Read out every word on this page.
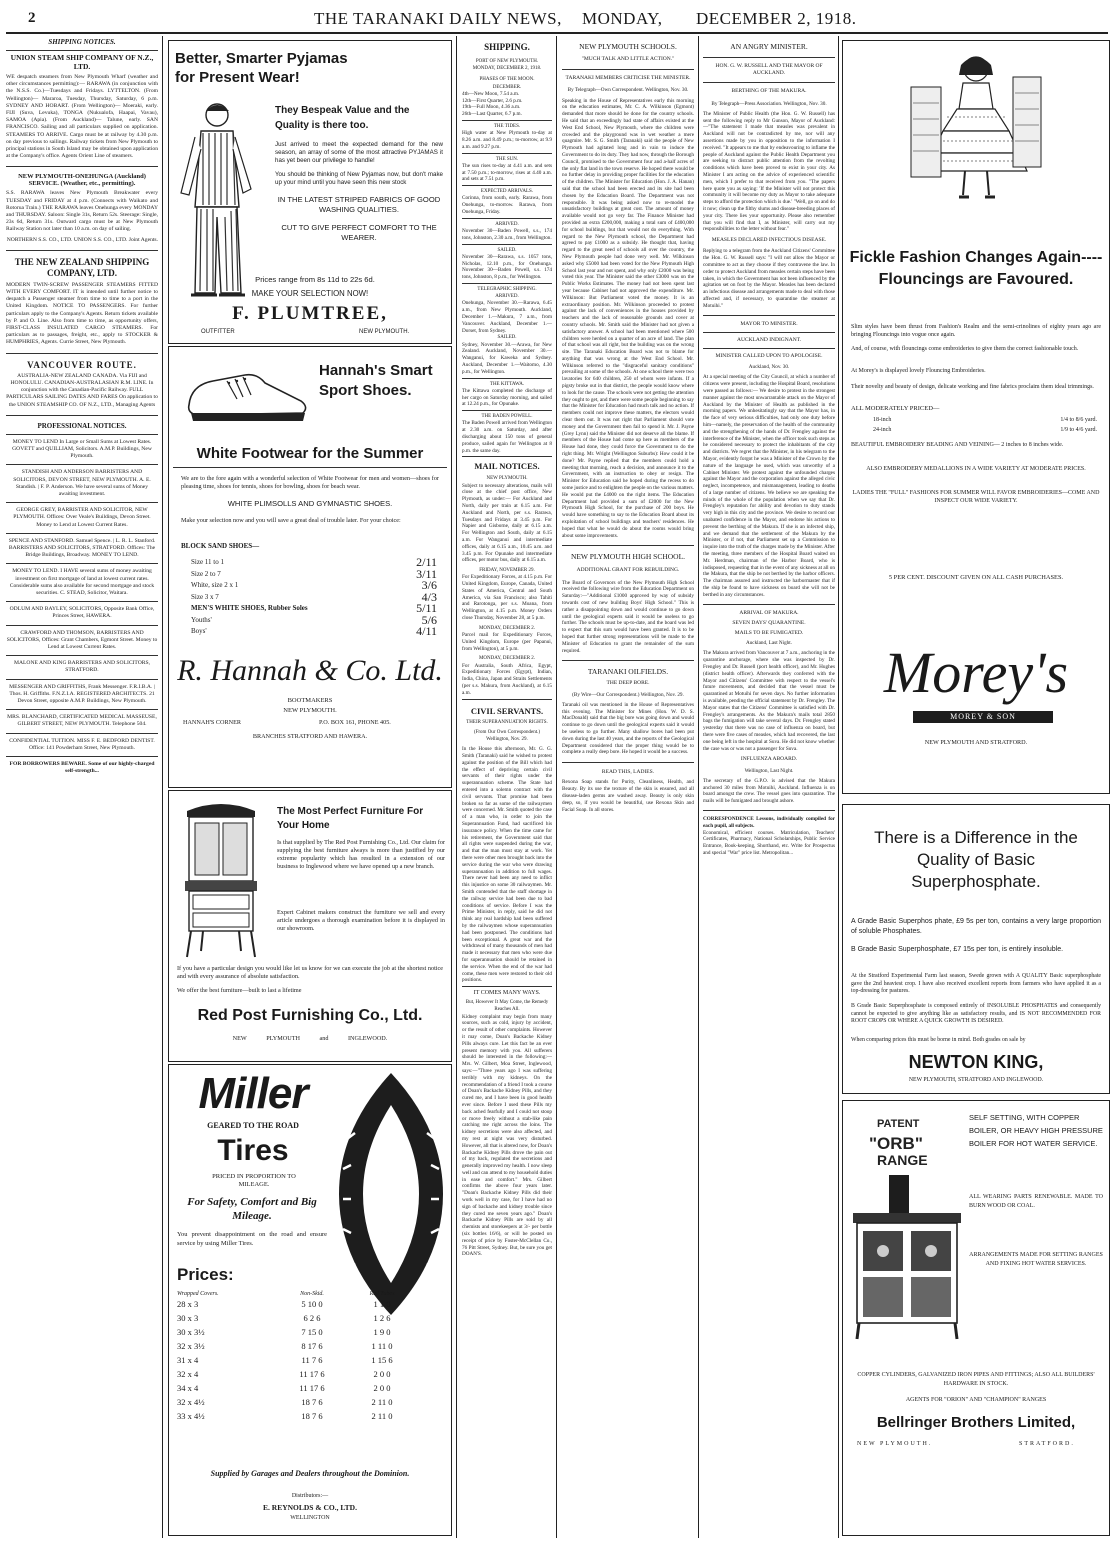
2	THE TARANAKI DAILY NEWS, MONDAY, DECEMBER 2, 1918.

SHIPPING NOTICES.

UNION STEAM SHIP COMPANY OF N.Z., LTD.

WE despatch steamers from New Plymouth Wharf (weather and other circumstances permitting):— RARAWA (in conjunction with the N.S.S. Co.)—Tuesdays and Fridays. LYTTELTON. (From Wellington)— Mararoa, Tuesday, Thursday, Saturday, 6 p.m. SYDNEY AND HOBART. (From Wellington)— Moeraki, early. FIJI (Suva, Levuka), TONGA (Nukualofa, Haapai, Vavau), SAMOA (Apia). (From Auckland)— Talune, early. SAN FRANCISCO. Sailing and all particulars supplied on application. STEAMERS TO ARRIVE. Cargo must be at railway by 4.30 p.m. on day previous to sailings. Railway tickets from New Plymouth to principal stations in South Island may be obtained upon application at the Company's office. Agents Orient Line of steamers.

NEW PLYMOUTH-ONEHUNGA (Auckland) SERVICE. (Weather, etc., permitting).

S.S. RARAWA leaves New Plymouth Breakwater every TUESDAY and FRIDAY at 4 p.m. (Connects with Waikato and Rotorua Train.) THE RARAWA leaves Onehunga every MONDAY and THURSDAY. Saloon: Single 31s, Return 52s. Steerage: Single, 23s 6d, Return 31s. Outward cargo must be at New Plymouth Railway Station not later than 10 a.m. on day of sailing.

NORTHERN S.S. CO., LTD. UNION S.S. CO., LTD. Joint Agents.

THE NEW ZEALAND SHIPPING COMPANY, LTD.

MODERN TWIN-SCREW PASSENGER STEAMERS FITTED WITH EVERY COMFORT. IT is intended until further notice to despatch a Passenger steamer from time to time to a port in the United Kingdom. NOTICE TO PASSENGERS. For further particulars apply to the Company's Agents. Return tickets available by P. and O. Line. Also from time to time, as opportunity offers, FIRST-CLASS INSULATED CARGO STEAMERS. For particulars as to passages, freight, etc., apply to STOCKER & HUMPHRIES, Agents. Currie Street, New Plymouth.

VANCOUVER ROUTE.

AUSTRALIA-NEW ZEALAND CANADA. Via FIJI and HONOLULU. CANADIAN-AUSTRALASIAN R.M. LINE. In conjunction with the Canadian-Pacific Railway. FULL PARTICULARS SAILING DATES AND FARES On application to the UNION STEAMSHIP CO. OF N.Z., LTD., Managing Agents

PROFESSIONAL NOTICES.

MONEY TO LEND In Large or Small Sums at Lowest Rates. GOVETT and QUILLIAM, Solicitors. A.M.P. Buildings, New Plymouth.

STANDISH AND ANDERSON BARRISTERS AND SOLICITORS, DEVON STREET, NEW PLYMOUTH. A. E. Standish. | F. P. Anderson. We have several sums of Money awaiting investment.

GEORGE GREY, BARRISTER AND SOLICITOR, NEW PLYMOUTH. Offices: Over Veale's Buildings, Devon Street. Money to Lend at Lowest Current Rates.

SPENCE AND STANFORD. Samuel Spence. | L. R. L. Stanford. BARRISTERS AND SOLICITORS, STRATFORD. Offices: The Bridge Buildings, Broadway. MONEY TO LEND.

MONEY TO LEND. I HAVE several sums of money awaiting investment on first mortgage of land at lowest current rates. Considerable sums also available for second mortgage and stock securities. C. STEAD, Solicitor, Waitara.

ODLUM AND BAYLEY, SOLICITORS, Opposite Bank Office, Princes Street, HAWERA.

CRAWFORD AND THOMSON, BARRISTERS AND SOLICITORS, Offices: Grant Chambers, Egmont Street. Money to Lend at Lowest Current Rates.

MALONE AND KING BARRISTERS AND SOLICITORS, STRATFORD.

MESSENGER AND GRIFFITHS, Frank Messenger. F.R.I.B.A. | Thos. H. Griffiths. F.N.Z.I.A. REGISTERED ARCHITECTS. 21 Devon Street, opposite A.M.P. Buildings, New Plymouth.

MRS. BLANCHARD, CERTIFICATED MEDICAL MASSEUSE, GILBERT STREET, NEW PLYMOUTH. Telephone 504.

CONFIDENTIAL TUITION. MISS F. E. BEDFORD DENTIST. Office: 141 Powderham Street, New Plymouth.

FOR BORROWERS BEWARE. Some of our highly-charged self-strength...

Better, Smarter Pyjamas for Present Wear!

They Bespeak Value and the Quality is there too.

Just arrived to meet the expected demand for the new season, an array of some of the most attractive PYJAMAS it has yet been our privilege to handle!

You should be thinking of New Pyjamas now, but don't make up your mind until you have seen this new stock

IN THE LATEST STRIPED FABRICS OF GOOD WASHING QUALITIES.

CUT TO GIVE PERFECT COMFORT TO THE WEARER.

Prices range from 8s 11d to 22s 6d.

MAKE YOUR SELECTION NOW!

F. PLUMTREE,

OUTFITTER	NEW PLYMOUTH.

Hannah's Smart Sport Shoes.

White Footwear for the Summer

We are to the fore again with a wonderful selection of White Footwear for men and women—shoes for pleasing time, shoes for tennis, shoes for bowling, shoes for beach wear.

WHITE PLIMSOLLS AND GYMNASTIC SHOES.

Make your selection now and you will save a great deal of trouble later. For your choice:

BLOCK SAND SHOES—

Size 11 to 1	2/11
Size 2 to 7	3/11
White, size 2 x 1	3/6
Size 3 x 7	4/3
MEN'S WHITE SHOES, Rubber Soles	5/11
Youths'	5/6
Boys'	4/11

R. Hannah & Co. Ltd.

BOOTMAKERS

NEW PLYMOUTH.

HANNAH'S CORNER	P.O. BOX 161, PHONE 405.

BRANCHES STRATFORD AND HAWERA.

The Most Perfect Furniture For Your Home

Is that supplied by The Red Post Furnishing Co., Ltd. Our claim for supplying the best furniture always is more than justified by our extreme popularity which has resulted in a extension of our business to Inglewood where we have opened up a new branch.

Expert Cabinet makers construct the furniture we sell and every article undergoes a thorough examination before it is displayed in our showroom.

If you have a particular design you would like let us know for we can execute the job at the shortest notice and with every assurance of absolute satisfaction.

We offer the best furniture—built to last a lifetime

Red Post Furnishing Co., Ltd.

NEW PLYMOUTH and INGLEWOOD.

Miller

GEARED TO THE ROAD

Tires

PRICED IN PROPORTION TO MILEAGE.

For Safety, Comfort and Big Mileage.

You prevent disappointment on the road and ensure service by using Miller Tires.

Prices:

Wrapped Covers.	Non-Skid.	Red Tubes
28 x 3	5 10 0	1 1 0
30 x 3	6 2 6	1 2 6
30 x 3½	7 15 0	1 9 0
32 x 3½	8 17 6	1 11 0
31 x 4	11 7 6	1 15 6
32 x 4	11 17 6	2 0 0
34 x 4	11 17 6	2 0 0
32 x 4½	18 7 6	2 11 0
33 x 4½	18 7 6	2 11 0

Supplied by Garages and Dealers throughout the Dominion.

Distributors:—

E. REYNOLDS & CO., LTD.

WELLINGTON

SHIPPING.

PORT OF NEW PLYMOUTH.

MONDAY, DECEMBER 2, 1918.

PHASES OF THE MOON.

DECEMBER.

4th—New Moon, 7.54 a.m.

12th—First Quarter, 2.6 p.m.

19th—Full Moon, 4.36 a.m.

26th—Last Quarter, 6.7 p.m.

THE TIDES.

High water at New Plymouth to-day at 8.26 a.m. and 8.49 p.m.; to-morrow, at 9.9 a.m. and 9.27 p.m.

THE SUN.

The sun rises to-day at 4.41 a.m. and sets at 7.50 p.m.; to-morrow, rises at 4.40 a.m. and sets at 7.51 p.m.

EXPECTED ARRIVALS.

Corinna, from south, early. Rarawa, from Onehunga, to-morrow. Rarawa, from Onehunga, Friday.

ARRIVED.

November 30—Baden Powell, s.s., 174 tons, Johnston, 2.30 a.m., from Wellington.

SAILED.

November 30—Rarawa, s.s. 1057 tons, Nicholas, 12.10 p.m., for Onehunga. November 30—Baden Powell, s.s. 174 tons, Johnston, 8 p.m., for Wellington.

TELEGRAPHIC SHIPPING.

ARRIVED.

Onehunga, November 30.—Rarawa, 6.45 a.m., from New Plymouth. Auckland, December 1.—Makura, 7 a.m., from Vancouver. Auckland, December 1.—Dorset, from Sydney.

SAILED.

Sydney, November 30.—Arawa, for New Zealand. Auckland, November 30.—Wanganui, for Kaweka and Sydney. Auckland, December 1.—Waitomo, 4.30 p.m., for Wellington.

THE KITTAWA.

The Kittawa completed the discharge of her cargo on Saturday morning, and sailed at 12.24 p.m., for Opunake.

THE BADEN POWELL.

The Baden Powell arrived from Wellington at 2.30 a.m. on Saturday, and after discharging about 150 tons of general produce, sailed again for Wellington at 8 p.m. the same day.

MAIL NOTICES.

NEW PLYMOUTH.

Subject to necessary alterations, mails will close at the chief post office, New Plymouth, as under:— For Auckland and North, daily per train at 6.15 a.m. For Auckland and North, per s.s. Rarawa, Tuesdays and Fridays at 3.45 p.m. For Napier and Gisborne, daily at 6.15 a.m. For Wellington and South, daily at 6.15 a.m. For Wanganui and intermediate offices, daily at 6.15 a.m., 10.45 a.m. and 3.45 p.m. For Opunake and intermediate offices, per motor bus, daily at 6.15 a.m.

FRIDAY, NOVEMBER 29.

For Expeditionary Forces, at 4.15 p.m. For United Kingdom, Europe, Canada, United States of America, Central and South America, via San Francisco; also Tahiti and Rarotonga, per s.s. Moana, from Wellington, at 4.15 p.m. Money Orders close Thursday, November 28, at 5 p.m.

MONDAY, DECEMBER 2.

Parcel mail for Expeditionary Forces, United Kingdom, Europe (per Papanui, from Wellington), at 5 p.m.

MONDAY, DECEMBER 2.

For Australia, South Africa, Egypt, Expeditionary Forces (Egypt), Indian, India, China, Japan and Straits Settlements (per s.s. Makura, from Auckland), at 6.15 a.m.

CIVIL SERVANTS.

THEIR SUPERANNUATION RIGHTS.

(From Our Own Correspondent.) Wellington, Nov. 29.

In the House this afternoon, Mr. G. G. Smith (Taranaki) said he wished to protest against the position of the Bill which had the effect of depriving certain civil servants of their rights under the superannuation scheme. The State had entered into a solemn contract with the civil servants. That promise had been broken so far as some of the railwaymen were concerned. Mr. Smith quoted the case of a man who, in order to join the Superannuation Fund, had sacrificed his insurance policy. When the time came for his retirement, the Government said that all rights were suspended during the war, and that the man must stay at work. Yet there were other men brought back into the service during the war who were drawing superannuation in addition to full wages. There never had been any need to inflict this injustice on some 30 railwaymen. Mr. Smith contended that the staff shortage in the railway service had been due to bad conditions of service. Before I was the Prime Minister, in reply, said he did not think any real hardship had been suffered by the railwaymen whose superannuation had been postponed. The conditions had been exceptional. A great war and the withdrawal of many thousands of men had made it necessary that men who were due for superannuation should be retained in the service. When the end of the war had come, these men were restored to their old positions.

IT COMES MANY WAYS.

But, However It May Come, the Remedy Reaches All.

Kidney complaint may begin from many sources, such as cold, injury by accident, or the result of other complaints. However it may come, Doan's Backache Kidney Pills always cure. Let this fact be an ever present memory with you. All sufferers should be interested in the following:— Mrs. W. Gilbert, Moa Street, Inglewood, says:—"Three years ago I was suffering terribly with my kidneys. On the recommendation of a friend I took a course of Doan's Backache Kidney Pills, and they cured me, and I have been in good health ever since. Before I used these Pills my back ached fearfully and I could not stoop or move freely without a stab-like pain catching me right across the loins. The kidney secretions were also affected, and my rest at night was very disturbed. However, all that is altered now, for Doan's Backache Kidney Pills drove the pain out of my back, regulated the secretions and generally improved my health. I now sleep well and can attend to my household duties in ease and comfort." Mrs. Gilbert confirms the above four years later. "Doan's Backache Kidney Pills did their work well in my case, for I have had no sign of backache and kidney trouble since they cured me seven years ago." Doan's Backache Kidney Pills are sold by all chemists and storekeepers at 3/- per bottle (six bottles 16/6), or will be posted on receipt of price by Foster-McClellan Co., 76 Pitt Street, Sydney. But, be sure you get DOAN'S.

NEW PLYMOUTH SCHOOLS.

"MUCH TALK AND LITTLE ACTION."

TARANAKI MEMBERS CRITICISE THE MINISTER.

By Telegraph—Own Correspondent. Wellington, Nov. 30.

Speaking in the House of Representatives early this morning on the education estimates, Mr. C. A. Wilkinson (Egmont) demanded that more should be done for the country schools. He said that an exceedingly bad state of affairs existed at the West End School, New Plymouth, where the children were crowded and the playground was in wet weather a mere quagmire. Mr. S. G. Smith (Taranaki) said the people of New Plymouth had agitated long and in vain to induce the Government to do its duty. They had now, through the Borough Council, promised to the Government four and a-half acres of the only flat land in the town reserve. He hoped there would be no further delay in providing proper facilities for the education of the children. The Minister for Education (Hon. J. A. Hanan) said that the school had been erected and its site had been chosen by the Education Board. The Department was not responsible. It was being asked now to re-model the unsatisfactory buildings at great cost. The amount of money available would not go very far. The Finance Minister had provided an extra £200,000, making a total sum of £400,000 for school buildings, but that would not do everything. With regard to the New Plymouth school, the Department had agreed to pay £1000 as a subsidy. He thought that, having regard to the great need of schools all over the country, the New Plymouth people had done very well. Mr. Wilkinson asked why £5000 had been voted for the New Plymouth High School last year and not spent, and why only £2000 was being voted this year. The Minister said the other £3000 was on the Public Works Estimates. The money had not been spent last year because Cabinet had not approved the expenditure. Mr. Wilkinson: But Parliament voted the money. It is an extraordinary position. Mr. Wilkinson proceeded to protest against the lack of conveniences in the houses provided by teachers and the lack of reasonable grounds and cover at country schools. Mr. Smith said the Minister had not given a satisfactory answer. A school had been mentioned where 500 children were herded on a quarter of an acre of land. The plan of that school was all right, but the building was on the wrong site. The Taranaki Education Board was not to blame for anything that was wrong at the West End School. Mr. Wilkinson referred to the "disgraceful sanitary conditions" prevailing at some of the schools. At one school there were two lavatories for 640 children, 250 of whom were infants. If a pigsty broke out in that district, the people would know where to look for the cause. The schools were not getting the attention they ought to get, and there were some people beginning to say that the Minister for Education had much talk and no action. If members could not improve these matters, the electors would clear them out. It was not right that Parliament should vote money and the Government then fail to spend it. Mr. J. Payne (Grey Lynn) said the Minister did not deserve all the blame. If members of the House had come up here as members of the House had done, they could force the Government to do the right thing. Mr. Wright (Wellington Suburbs): How could it be done? Mr. Payne replied that the members could hold a meeting that morning, reach a decision, and announce it to the Government, with an instruction to obey or resign. The Minister for Education said he hoped during the recess to do some justice and to enlighten the people on the various matters. He would put the £4000 on the right items. The Education Department had provided a sum of £2000 for the New Plymouth High School, for the purchase of 200 boys. He would have something to say to the Education Board about its exploitation of school buildings and teachers' residences. He hoped that what he would do about the rooms would bring about some improvements.

NEW PLYMOUTH HIGH SCHOOL.

ADDITIONAL GRANT FOR REBUILDING.

The Board of Governors of the New Plymouth High School received the following wire from the Education Department on Saturday:—"Additional £1000 approved by way of subsidy towards cost of new building Boys' High School." This is rather a disappointing down and would continue to go down until the geological experts said it would be useless to go further. The schools must be up-to-date, and the board was led to expect that this sum would have been granted. It is to be hoped that further strong representations will be made to the Minister of Education to grant the remainder of the sum required.

TARANAKI OILFIELDS.

THE DEEP BORE.

(By Wire—Our Correspondent.) Wellington, Nov. 29.

Taranaki oil was mentioned in the House of Representatives this evening. The Minister for Mines (Hon. W. D. S. MacDonald) said that the big bore was going down and would continue to go down until the geological experts said it would be useless to go further. Many shallow bores had been put down during the last 40 years, and the reports of the Geological Department considered that the proper thing would be to complete a really deep bore. He hoped it would be a success.

READ THIS, LADIES.

Rexona Soap stands for Purity, Cleanliness, Health, and Beauty. By its use the texture of the skin is ensured, and all disease-laden germs are washed away. Beauty is only skin deep, so, if you would be beautiful, use Rexona Skin and Facial Soap. In all stores.

AN ANGRY MINISTER.

HON. G. W. RUSSELL AND THE MAYOR OF AUCKLAND.

BERTHING OF THE MAKURA.

By Telegraph—Press Association. Wellington, Nov. 30.

The Minister of Public Health (the Hon. G. W. Russell) has sent the following reply to Mr Gunson, Mayor of Auckland:—"The statement I made that measles was prevalent in Auckland will not be contradicted by me, nor will any assertions made by you in opposition to the information I received. "It appears to me that by endeavouring to inflame the people of Auckland against the Public Health Department you are seeking to distract public attention from the revolting conditions which have been proved to exist in your city. As Minister I am acting on the advice of experienced scientific men, which I prefer to that received from you. "The papers here quote you as saying: 'If the Minister will not protect this community it will become my duty as Mayor to take adequate steps to afford the protection which is due.' "Well, go on and do it now; clean up the filthy slums and disease-breeding places of your city. There lies your opportunity. Please also remember that you will find that I, as Minister, will carry out my responsibilities to the letter without fear."

MEASLES DECLARED INFECTIOUS DISEASE.

Replying to a telegram from the Auckland Citizens' Committee the Hon. G. W. Russell says: "I will not allow the Mayor or committee to act as they choose if they contravene the law. In order to protect Auckland from measles certain steps have been taken, in which the Government has not been influenced by the agitation set on foot by the Mayor. Measles has been declared an infectious disease and arrangements made to deal with those affected and, if necessary, to quarantine the steamer at Motuihi."

MAYOR TO MINISTER.

AUCKLAND INDIGNANT.

MINISTER CALLED UPON TO APOLOGISE.

Auckland, Nov. 30.

At a special meeting of the City Council, at which a number of citizens were present, including the Hospital Board, resolutions were passed as follows:— We desire to protest in the strongest manner against the most unwarrantable attack on the Mayor of Auckland by the Minister of Health as published in the morning papers. We unhesitatingly say that the Mayor has, in the face of very serious difficulties, had only one duty before him—namely, the preservation of the health of the community and the strengthening of the hands of Dr. Frengley against the interference of the Minister, when the officer took such steps as he considered necessary to protect the inhabitants of the city and districts. We regret that the Minister, in his telegram to the Mayor, evidently forgot he was a Minister of the Crown by the nature of the language he used, which was unworthy of a Cabinet Minister. We protest against the unfounded charges against the Mayor and the corporation against the alleged civic neglect, incompetence, and mismanagement, leading to deaths of a large number of citizens. We believe we are speaking the minds of the whole of the population when we say that Dr. Frengley's reputation for ability and devotion to duty stands very high in this city and the province. We desire to record our unabated confidence in the Mayor, and endorse his actions to prevent the berthing of the Makura. If she is an infected ship, and we demand that the settlement of the Makura by the Minister, or if not, that Parliament set up a Commission to inquire into the truth of the charges made by the Minister. After the meeting, three members of the Hospital Board waited on Mr. Herdman, chairman of the Harbor Board, who is indisposed, requesting that in the event of any sickness at all on the Makura, that the ship be not berthed by the harbor officers. The chairman assured and instructed the harbormaster that if the ship be found to have sickness on board she will not be berthed in any circumstances.

ARRIVAL OF MAKURA.

SEVEN DAYS' QUARANTINE.

MAILS TO BE FUMIGATED.

Auckland, Last Night.

The Makura arrived from Vancouver at 7 a.m., anchoring in the quarantine anchorage, where she was inspected by Dr. Frengley and Dr. Russell (port health officer), and Mr. Hughes (district health officer). Afterwards they conferred with the Mayor and Citizens' Committee with respect to the vessel's future movements, and decided that the vessel must be quarantined at Motuihi for seven days. No further information is available, pending the official statement by Dr. Frengley. The Mayor states that the Citizens' Committee is satisfied with Dr. Frengley's arrangements. As the Makura's mails total 2850 bags the fumigation will take several days. Dr. Frengley stated yesterday that there was no case of influenza on board, but there were five cases of measles, which had recovered, the last one being left in the hospital at Suva. He did not know whether the case was or was not a passenger for Suva.

INFLUENZA ABOARD.

Wellington, Last Night.

The secretary of the G.P.O. is advised that the Makura anchored 30 miles from Motuihi, Auckland. Influenza is on board amongst the crew. The vessel goes into quarantine. The mails will be fumigated and brought ashore.

CORRESPONDENCE Lessons, individually compiled for each pupil, all subjects.

Economical, efficient courses. Matriculation, Teachers' Certificates, Pharmacy, National Scholarships, Public Service Entrance, Book-keeping, Shorthand, etc. Write for Prospectus and special "War" price list. Metropolitan...

Fickle Fashion Changes Again----Flouncings are Favoured.

Slim styles have been thrust from Fashion's Realm and the semi-crinolines of eighty years ago are bringing Flouncings into vogue once again.

And, of course, with flouncings come embroideries to give them the correct fashionable touch.

At Morey's is displayed lovely Flouncing Embroideries.

Their novelty and beauty of design, delicate working and fine fabrics proclaim them ideal trimmings.

ALL MODERATELY PRICED—

18-inch	1/4 to 8/6 yard.
24-inch	1/9 to 4/6 yard.

BEAUTIFUL EMBROIDERY BEADING AND VEINING— 2 inches to 8 inches wide.

ALSO EMBROIDERY MEDALLIONS IN A WIDE VARIETY AT MODERATE PRICES.

LADIES THE "FULL" FASHIONS FOR SUMMER WILL FAVOR EMBROIDERIES—COME AND INSPECT OUR WIDE VARIETY.

5 PER CENT. DISCOUNT GIVEN ON ALL CASH PURCHASES.

Morey's

MOREY & SON

NEW PLYMOUTH AND STRATFORD.

There is a Difference in the Quality of Basic Superphosphate.

A Grade Basic Superphos phate, £9 5s per ton, contains a very large proportion of soluble Phosphates.

B Grade Basic Superphosphate, £7 15s per ton, is entirely insoluble.

At the Stratford Experimental Farm last season, Swede grown with A QUALITY Basic superphosphate gave the 2nd heaviest crop. I have also received excellent reports from farmers who have applied it as a top-dressing for pastures.

B Grade Basic Superphosphate is composed entirely of INSOLUBLE PHOSPHATES and consequently cannot be expected to give anything like as satisfactory results, and IS NOT RECOMMENDED FOR ROOT CROPS OR WHERE A QUICK GROWTH IS DESIRED.

When comparing prices this must be borne in mind. Both grades on sale by

NEWTON KING,

NEW PLYMOUTH, STRATFORD AND INGLEWOOD.

PATENT
"ORB"
RANGE

SELF SETTING, WITH COPPER BOILER, OR HEAVY HIGH PRESSURE BOILER FOR HOT WATER SERVICE.

ALL WEARING PARTS RENEWABLE. MADE TO BURN WOOD OR COAL.

ARRANGEMENTS MADE FOR SETTING RANGES AND FIXING HOT WATER SERVICES.

COPPER CYLINDERS, GALVANIZED IRON PIPES AND FITTINGS; ALSO ALL BUILDERS' HARDWARE IN STOCK.

AGENTS FOR "ORION" AND "CHAMPION" RANGES

Bellringer Brothers Limited,

NEW PLYMOUTH.	STRATFORD.
